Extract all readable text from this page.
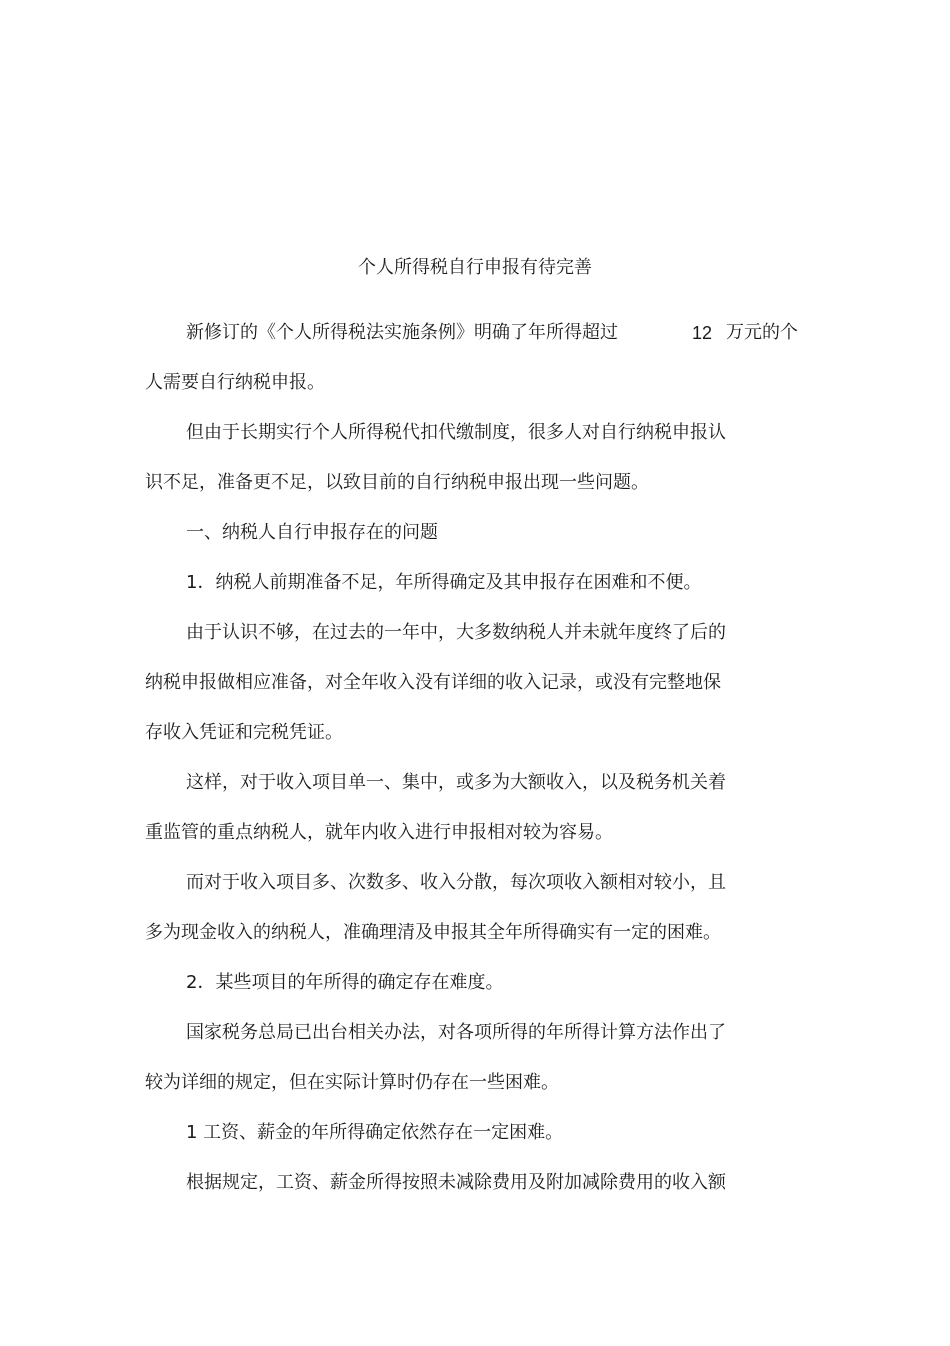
个人所得税自行申报有待完善
新修订的《个人所得税法实施条例》明确了年所得超过	12 万元的个
人需要自行纳税申报。
但由于长期实行个人所得税代扣代缴制度，很多人对自行纳税申报认
识不足，准备更不足，以致目前的自行纳税申报出现一些问题。
一、纳税人自行申报存在的问题
1．纳税人前期准备不足，年所得确定及其申报存在困难和不便。
由于认识不够，在过去的一年中，大多数纳税人并未就年度终了后的
纳税申报做相应准备，对全年收入没有详细的收入记录，或没有完整地保
存收入凭证和完税凭证。
这样，对于收入项目单一、集中，或多为大额收入，以及税务机关着
重监管的重点纳税人，就年内收入进行申报相对较为容易。
而对于收入项目多、次数多、收入分散，每次项收入额相对较小，且
多为现金收入的纳税人，准确理清及申报其全年所得确实有一定的困难。
2．某些项目的年所得的确定存在难度。
国家税务总局已出台相关办法，对各项所得的年所得计算方法作出了
较为详细的规定，但在实际计算时仍存在一些困难。
1 工资、薪金的年所得确定依然存在一定困难。
根据规定，工资、薪金所得按照未减除费用及附加减除费用的收入额
